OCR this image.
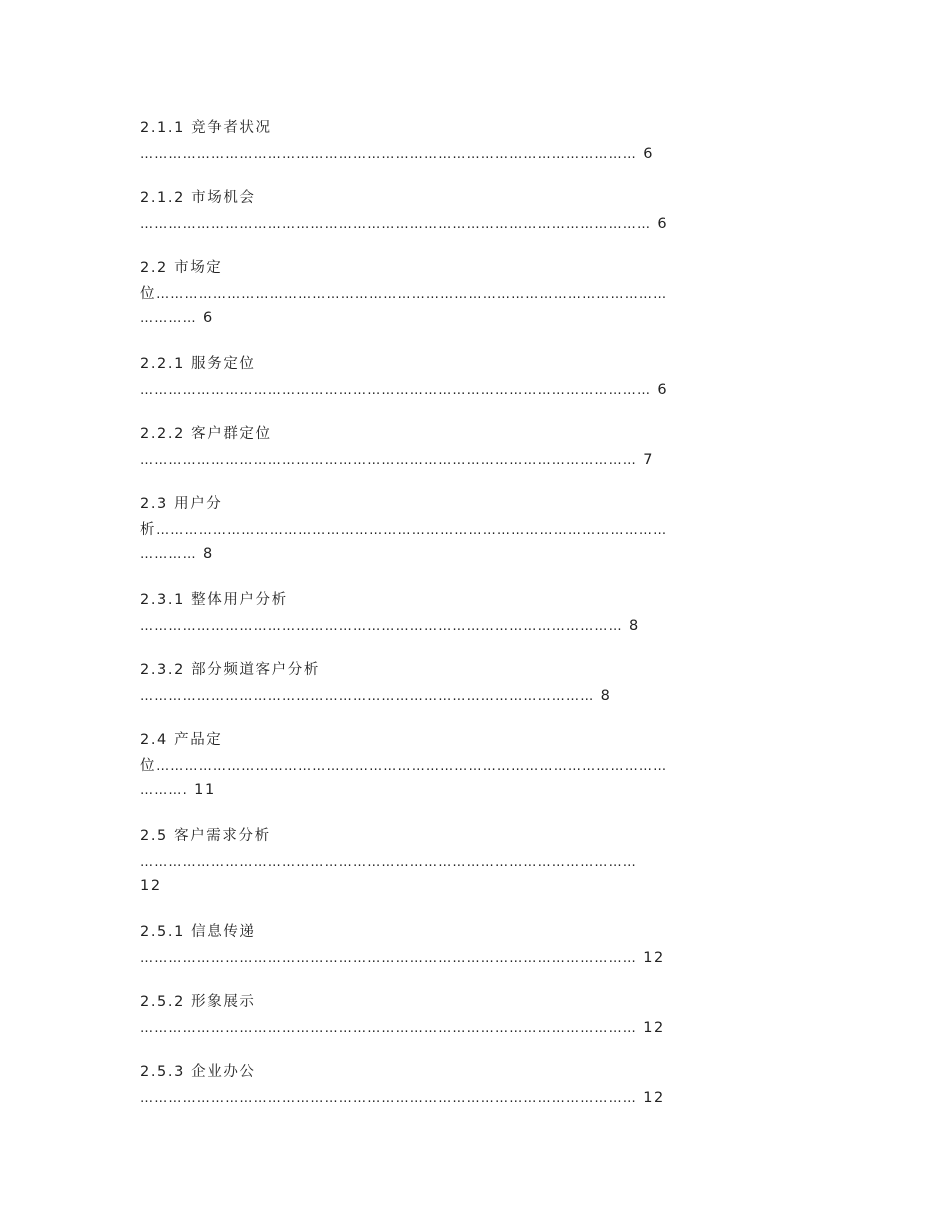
2.1.1 竞争者状况
…………………………………………………………………………………………… 6
2.1.2 市场机会
……………………………………………………………………………………………… 6
2.2 市场定
位………………………………………………………………………………………………
………… 6
2.2.1 服务定位
……………………………………………………………………………………………… 6
2.2.2 客户群定位
…………………………………………………………………………………………… 7
2.3 用户分
析………………………………………………………………………………………………
………… 8
2.3.1 整体用户分析
………………………………………………………………………………………… 8
2.3.2 部分频道客户分析
…………………………………………………………………………………… 8
2.4 产品定
位………………………………………………………………………………………………
………. 11
2.5 客户需求分析
……………………………………………………………………………………………
12
2.5.1 信息传递
…………………………………………………………………………………………… 12
2.5.2 形象展示
…………………………………………………………………………………………… 12
2.5.3 企业办公
…………………………………………………………………………………………… 12
